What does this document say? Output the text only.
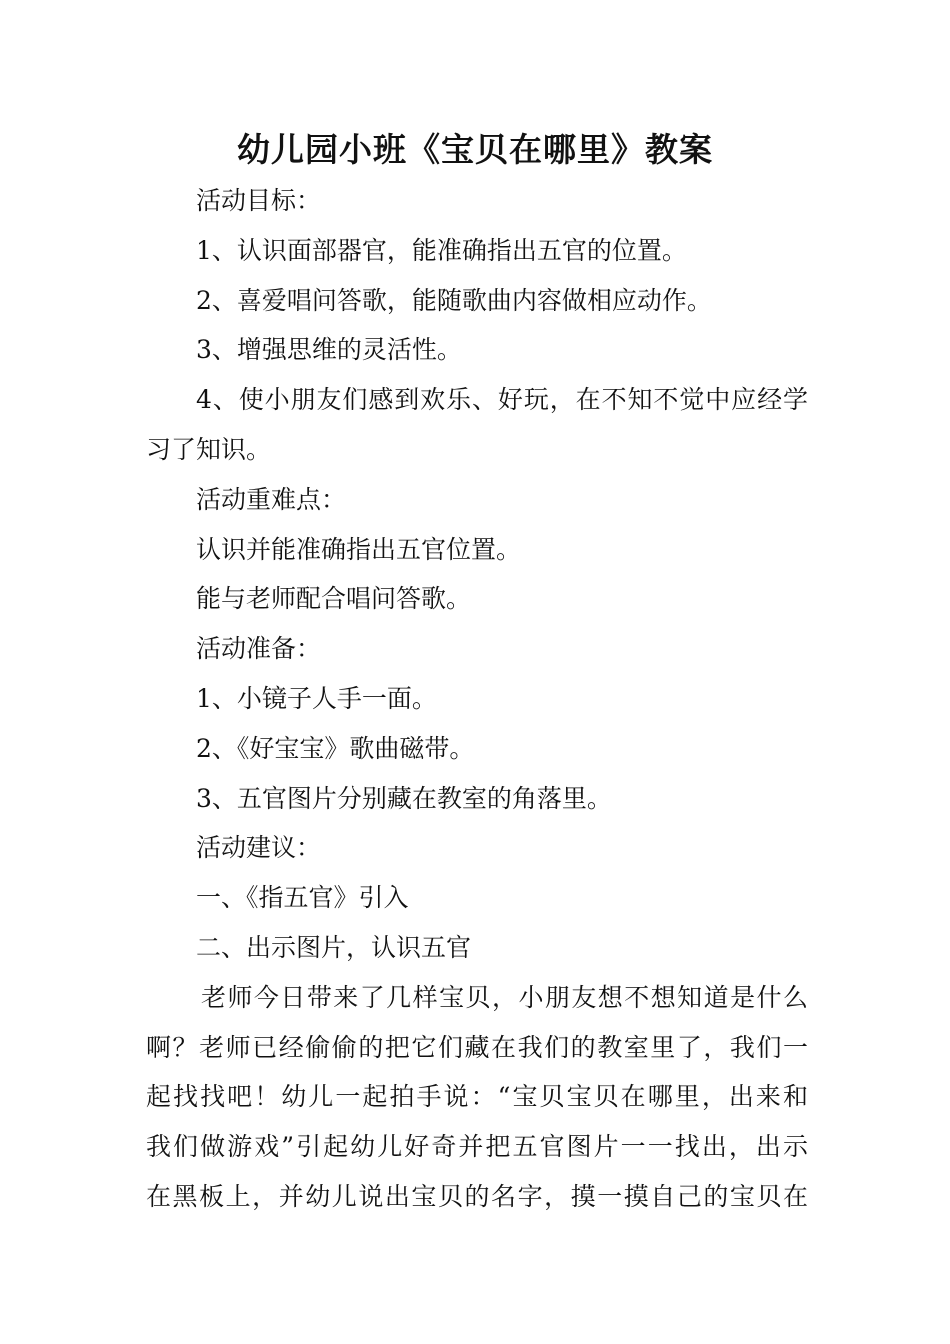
幼儿园小班《宝贝在哪里》教案
活动目标：
1、认识面部器官，能准确指出五官的位置。
2、喜爱唱问答歌，能随歌曲内容做相应动作。
3、增强思维的灵活性。
4、使小朋友们感到欢乐、好玩，在不知不觉中应经学
习了知识。
活动重难点：
认识并能准确指出五官位置。
能与老师配合唱问答歌。
活动准备：
1、小镜子人手一面。
2、《好宝宝》歌曲磁带。
3、五官图片分别藏在教室的角落里。
活动建议：
一、《指五官》引入
二、出示图片，认识五官
老师今日带来了几样宝贝，小朋友想不想知道是什么
啊？老师已经偷偷的把它们藏在我们的教室里了，我们一
起找找吧！幼儿一起拍手说：“宝贝宝贝在哪里，出来和
我们做游戏”引起幼儿好奇并把五官图片一一找出，出示
在黑板上，并幼儿说出宝贝的名字，摸一摸自己的宝贝在
